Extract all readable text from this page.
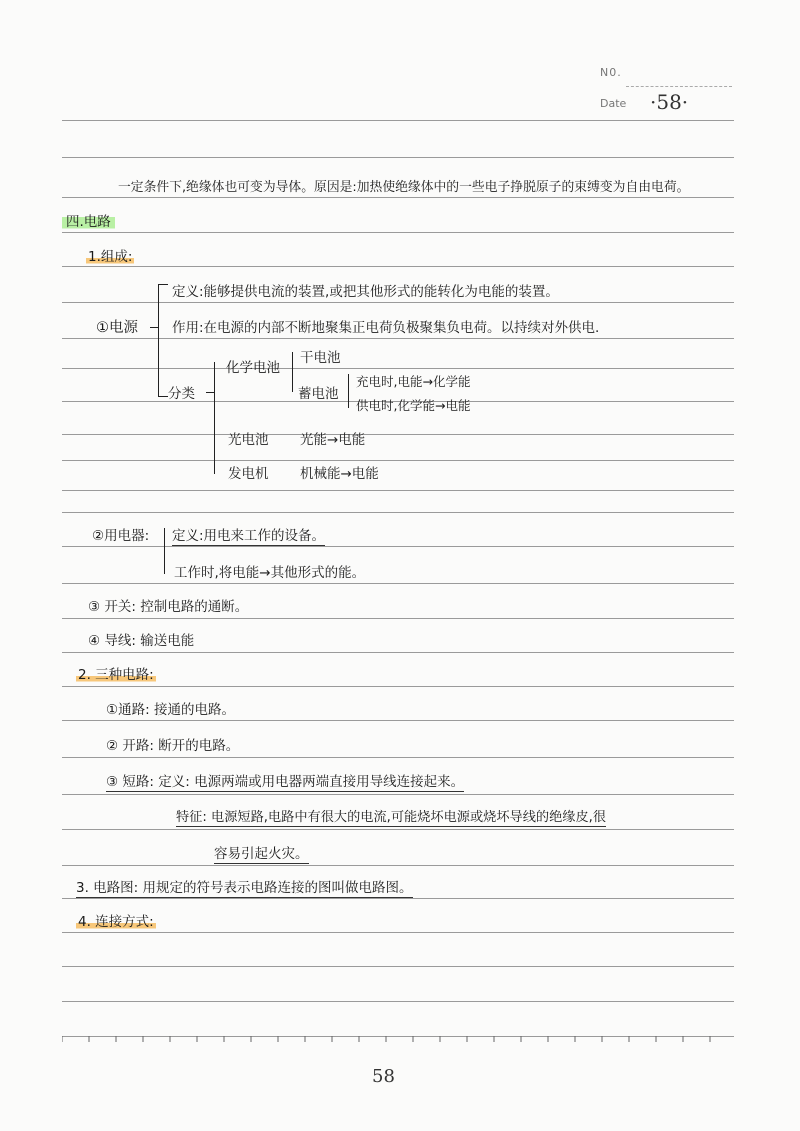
N0.
Date ·58·
一定条件下,绝缘体也可变为导体。原因是:加热使绝缘体中的一些电子挣脱原子的束缚变为自由电荷。
四.电路
1.组成:
定义:能够提供电流的装置,或把其他形式的能转化为电能的装置。
①电源	作用:在电源的内部不断地聚集正电荷负极聚集负电荷。以持续对外供电.
分类
化学电池
干电池
蓄电池
充电时,电能→化学能
供电时,化学能→电能
光电池 光能→电能
发电机 机械能→电能
②用电器: 定义:用电来工作的设备。
工作时,将电能→其他形式的能。
③ 开关: 控制电路的通断。
④ 导线: 输送电能
2. 三种电路:
①通路: 接通的电路。
② 开路: 断开的电路。
③ 短路: 定义: 电源两端或用电器两端直接用导线连接起来。
特征: 电源短路,电路中有很大的电流,可能烧坏电源或烧坏导线的绝缘皮,很
容易引起火灾。
3. 电路图: 用规定的符号表示电路连接的图叫做电路图。
4. 连接方式:
58
